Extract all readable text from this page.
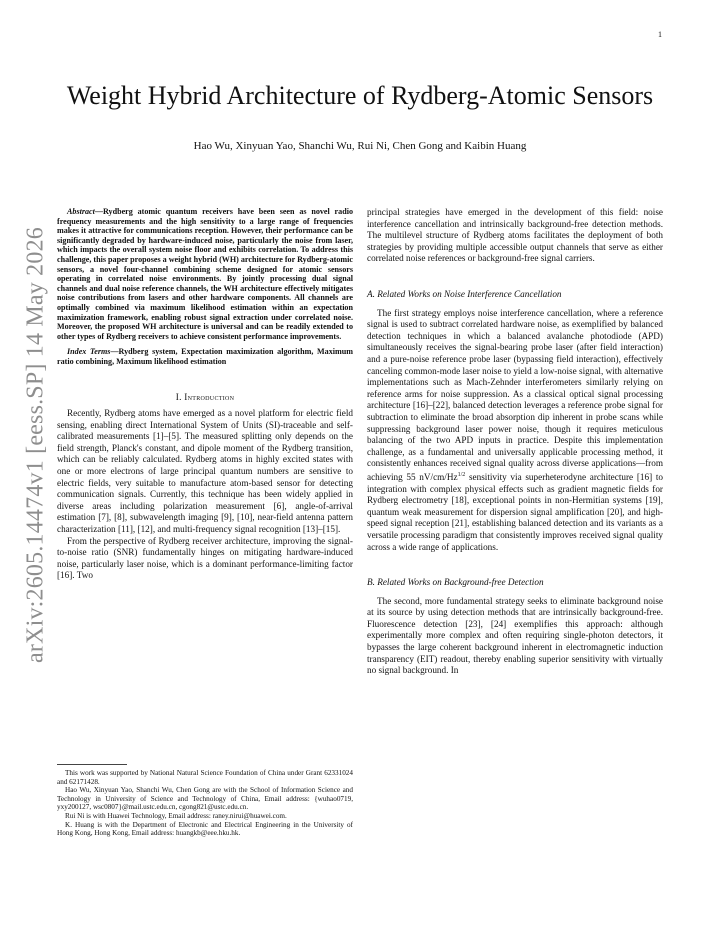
1
arXiv:2605.14474v1 [eess.SP] 14 May 2026
Weight Hybrid Architecture of Rydberg-Atomic Sensors
Hao Wu, Xinyuan Yao, Shanchi Wu, Rui Ni, Chen Gong and Kaibin Huang

Abstract—Rydberg atomic quantum receivers have been seen as novel radio frequency measurements and the high sensitivity to a large range of frequencies makes it attractive for communications reception. However, their performance can be significantly degraded by hardware-induced noise, particularly the noise from laser, which impacts the overall system noise floor and exhibits correlation. To address this challenge, this paper proposes a weight hybrid (WH) architecture for Rydberg-atomic sensors, a novel four-channel combining scheme designed for atomic sensors operating in correlated noise environments. By jointly processing dual signal channels and dual noise reference channels, the WH architecture effectively mitigates noise contributions from lasers and other hardware components. All channels are optimally combined via maximum likelihood estimation within an expectation maximization framework, enabling robust signal extraction under correlated noise. Moreover, the proposed WH architecture is universal and can be readily extended to other types of Rydberg receivers to achieve consistent performance improvements.

Index Terms—Rydberg system, Expectation maximization algorithm, Maximum ratio combining, Maximum likelihood estimation

I. Introduction

Recently, Rydberg atoms have emerged as a novel platform for electric field sensing, enabling direct International System of Units (SI)-traceable and self-calibrated measurements [1]–[5]. The measured splitting only depends on the field strength, Planck's constant, and dipole moment of the Rydberg transition, which can be reliably calculated. Rydberg atoms in highly excited states with one or more electrons of large principal quantum numbers are sensitive to electric fields, very suitable to manufacture atom-based sensor for detecting communication signals. Currently, this technique has been widely applied in diverse areas including polarization measurement [6], angle-of-arrival estimation [7], [8], subwavelength imaging [9], [10], near-field antenna pattern characterization [11], [12], and multi-frequency signal recognition [13]–[15].

From the perspective of Rydberg receiver architecture, improving the signal-to-noise ratio (SNR) fundamentally hinges on mitigating hardware-induced noise, particularly laser noise, which is a dominant performance-limiting factor [16]. Two

principal strategies have emerged in the development of this field: noise interference cancellation and intrinsically background-free detection methods. The multilevel structure of Rydberg atoms facilitates the deployment of both strategies by providing multiple accessible output channels that serve as either correlated noise references or background-free signal carriers.

A. Related Works on Noise Interference Cancellation

The first strategy employs noise interference cancellation, where a reference signal is used to subtract correlated hardware noise, as exemplified by balanced detection techniques in which a balanced avalanche photodiode (APD) simultaneously receives the signal-bearing probe laser (after field interaction) and a pure-noise reference probe laser (bypassing field interaction), effectively canceling common-mode laser noise to yield a low-noise signal, with alternative implementations such as Mach-Zehnder interferometers similarly relying on reference arms for noise suppression. As a classical optical signal processing architecture [16]–[22], balanced detection leverages a reference probe signal for subtraction to eliminate the broad absorption dip inherent in probe scans while suppressing background laser power noise, though it requires meticulous balancing of the two APD inputs in practice. Despite this implementation challenge, as a fundamental and universally applicable processing method, it consistently enhances received signal quality across diverse applications—from achieving 55 $nV/cm/Hz^{1/2}$ sensitivity via superheterodyne architecture [16] to integration with complex physical effects such as gradient magnetic fields for Rydberg electrometry [18], exceptional points in non-Hermitian systems [19], quantum weak measurement for dispersion signal amplification [20], and high-speed signal reception [21], establishing balanced detection and its variants as a versatile processing paradigm that consistently improves received signal quality across a wide range of applications.

B. Related Works on Background-free Detection

The second, more fundamental strategy seeks to eliminate background noise at its source by using detection methods that are intrinsically background-free. Fluorescence detection [23], [24] exemplifies this approach: although experimentally more complex and often requiring single-photon detectors, it bypasses the large coherent background inherent in electromagnetic induction transparency (EIT) readout, thereby enabling superior sensitivity with virtually no signal background. In

This work was supported by National Natural Science Foundation of China under Grant 62331024 and 62171428.

Hao Wu, Xinyuan Yao, Shanchi Wu, Chen Gong are with the School of Information Science and Technology in University of Science and Technology of China, Email address: {wuhao0719, yxy200127, wsc0807}@mail.ustc.edu.cn, cgong821@ustc.edu.cn.

Rui Ni is with Huawei Technology, Email address: raney.nirui@huawei.com.

K. Huang is with the Department of Electronic and Electrical Engineering in the University of Hong Kong, Hong Kong, Email address: huangkb@eee.hku.hk.
